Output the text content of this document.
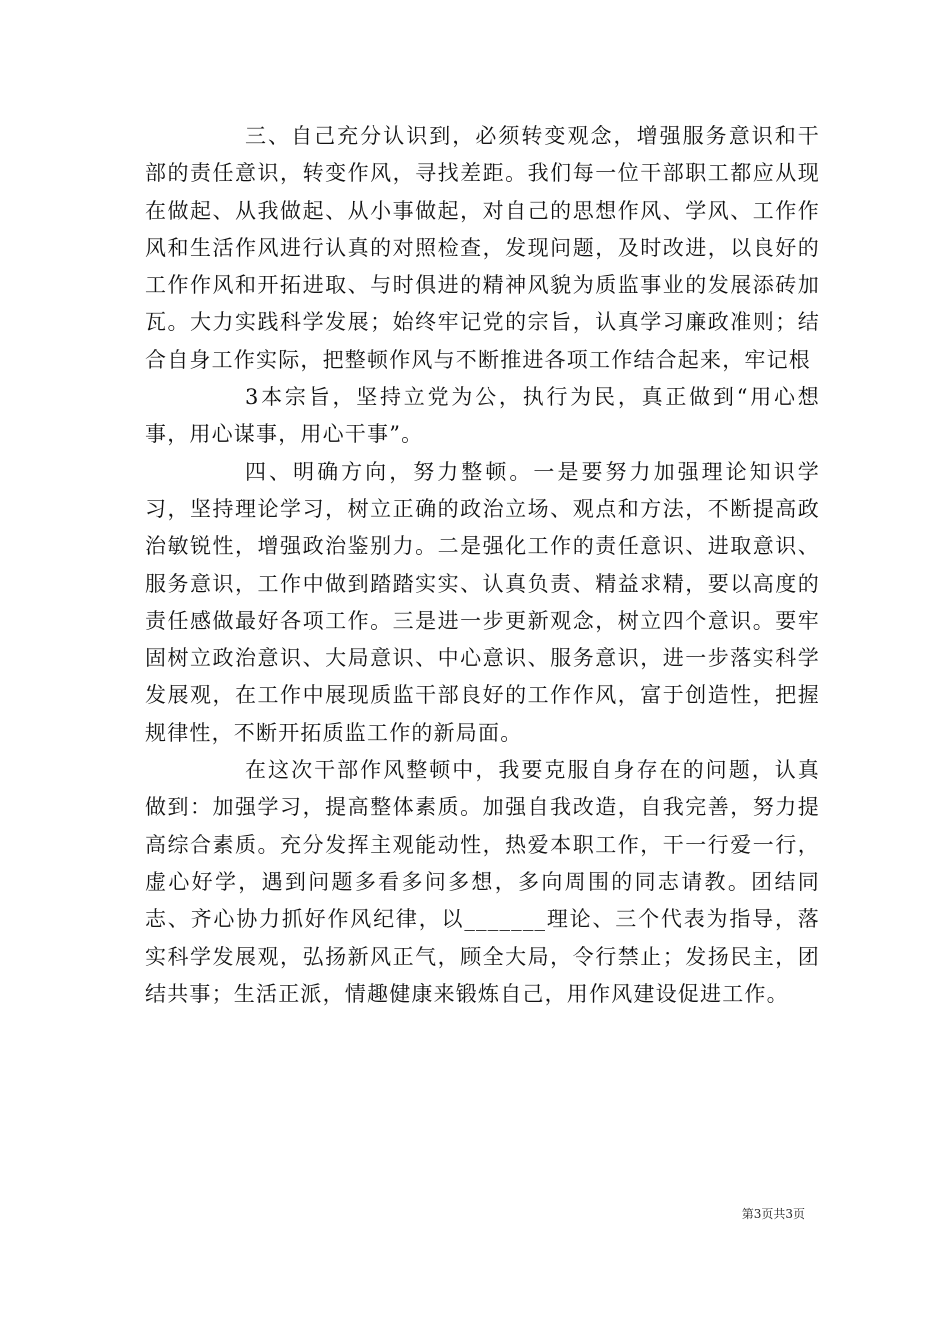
三、自己充分认识到，必须转变观念，增强服务意识和干部的责任意识，转变作风，寻找差距。我们每一位干部职工都应从现在做起、从我做起、从小事做起，对自己的思想作风、学风、工作作风和生活作风进行认真的对照检查，发现问题，及时改进，以良好的工作作风和开拓进取、与时俱进的精神风貌为质监事业的发展添砖加瓦。大力实践科学发展；始终牢记党的宗旨，认真学习廉政准则；结合自身工作实际，把整顿作风与不断推进各项工作结合起来，牢记根

3本宗旨，坚持立党为公，执行为民，真正做到“用心想事，用心谋事，用心干事”。

四、明确方向，努力整顿。一是要努力加强理论知识学习，坚持理论学习，树立正确的政治立场、观点和方法，不断提高政治敏锐性，增强政治鉴别力。二是强化工作的责任意识、进取意识、服务意识，工作中做到踏踏实实、认真负责、精益求精，要以高度的责任感做最好各项工作。三是进一步更新观念，树立四个意识。要牢固树立政治意识、大局意识、中心意识、服务意识，进一步落实科学发展观，在工作中展现质监干部良好的工作作风，富于创造性，把握规律性，不断开拓质监工作的新局面。

在这次干部作风整顿中，我要克服自身存在的问题，认真做到：加强学习，提高整体素质。加强自我改造，自我完善，努力提高综合素质。充分发挥主观能动性，热爱本职工作，干一行爱一行，虚心好学，遇到问题多看多问多想，多向周围的同志请教。团结同志、齐心协力抓好作风纪律，以_______理论、三个代表为指导，落实科学发展观，弘扬新风正气，顾全大局，令行禁止；发扬民主，团结共事；生活正派，情趣健康来锻炼自己，用作风建设促进工作。

第3页共3页
